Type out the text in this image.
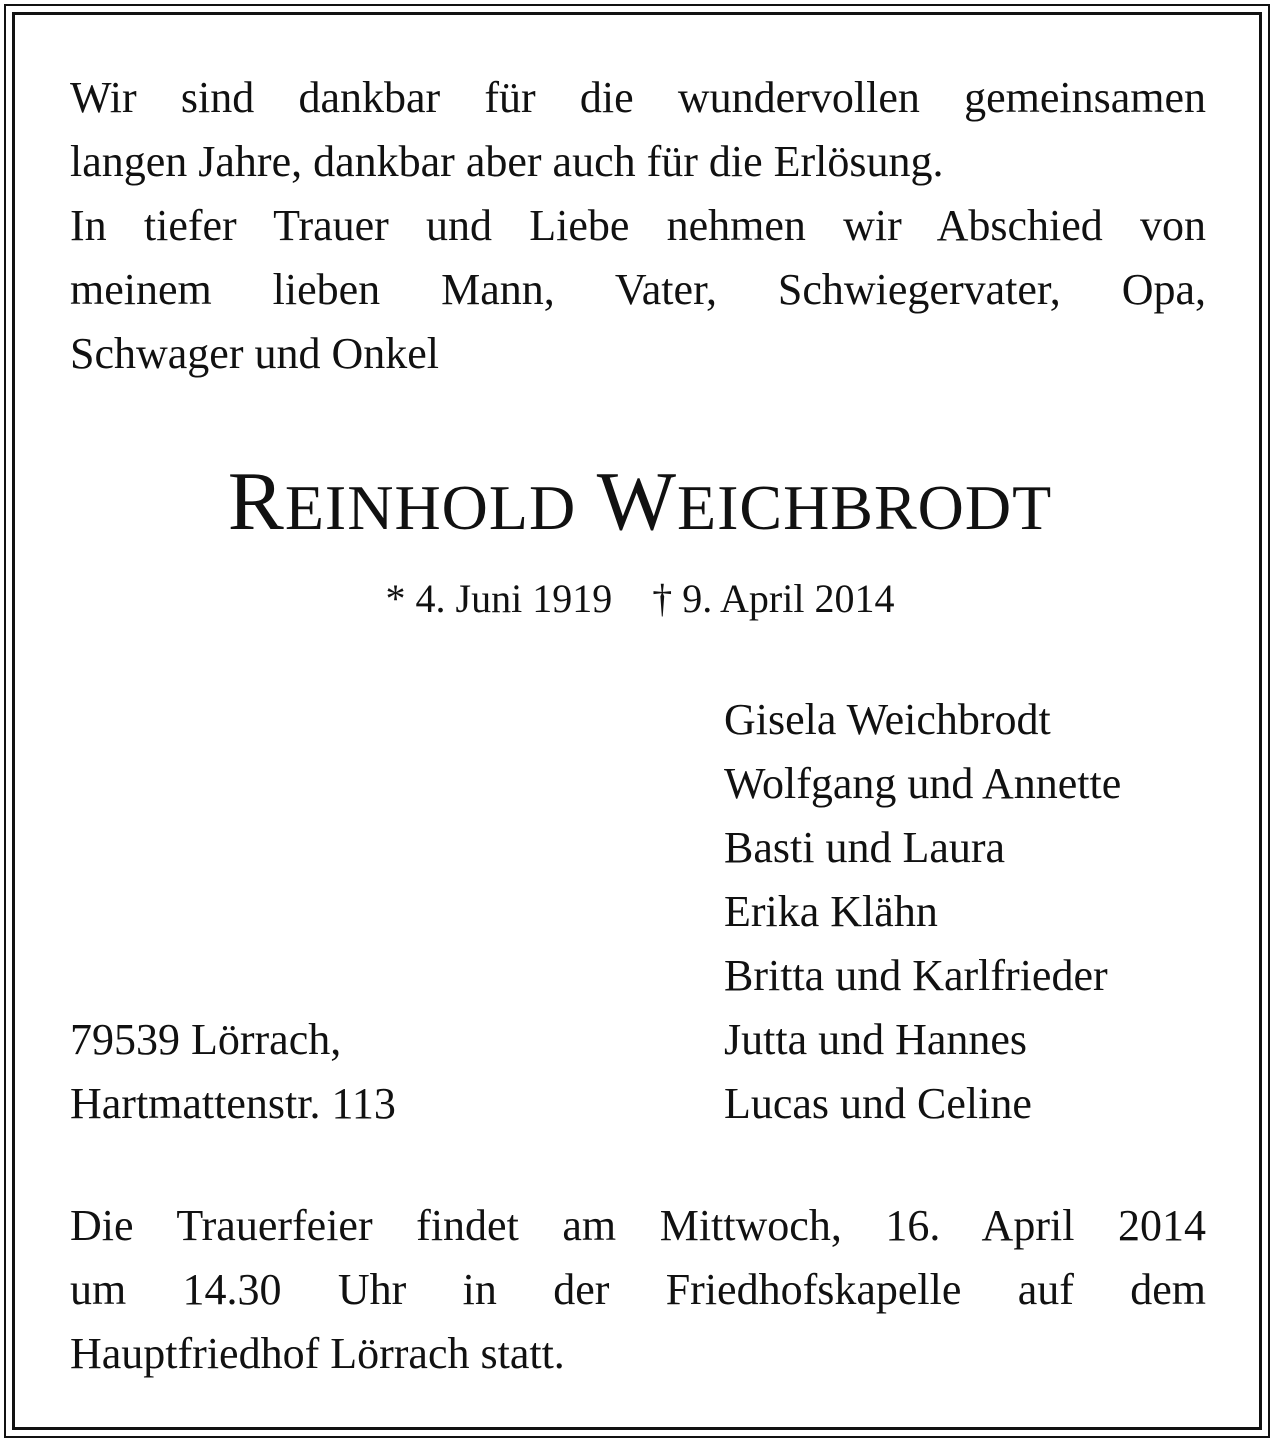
Wir sind dankbar für die wundervollen gemeinsamen
langen Jahre, dankbar aber auch für die Erlösung.
In tiefer Trauer und Liebe nehmen wir Abschied von
meinem lieben Mann, Vater, Schwiegervater, Opa,
Schwager und Onkel
REINHOLD WEICHBRODT
* 4. Juni 1919 † 9. April 2014
Gisela Weichbrodt
Wolfgang und Annette
Basti und Laura
Erika Klähn
Britta und Karlfrieder
Jutta und Hannes
Lucas und Celine
79539 Lörrach,
Hartmattenstr. 113
Die Trauerfeier findet am Mittwoch, 16. April 2014
um 14.30 Uhr in der Friedhofskapelle auf dem
Hauptfriedhof Lörrach statt.
